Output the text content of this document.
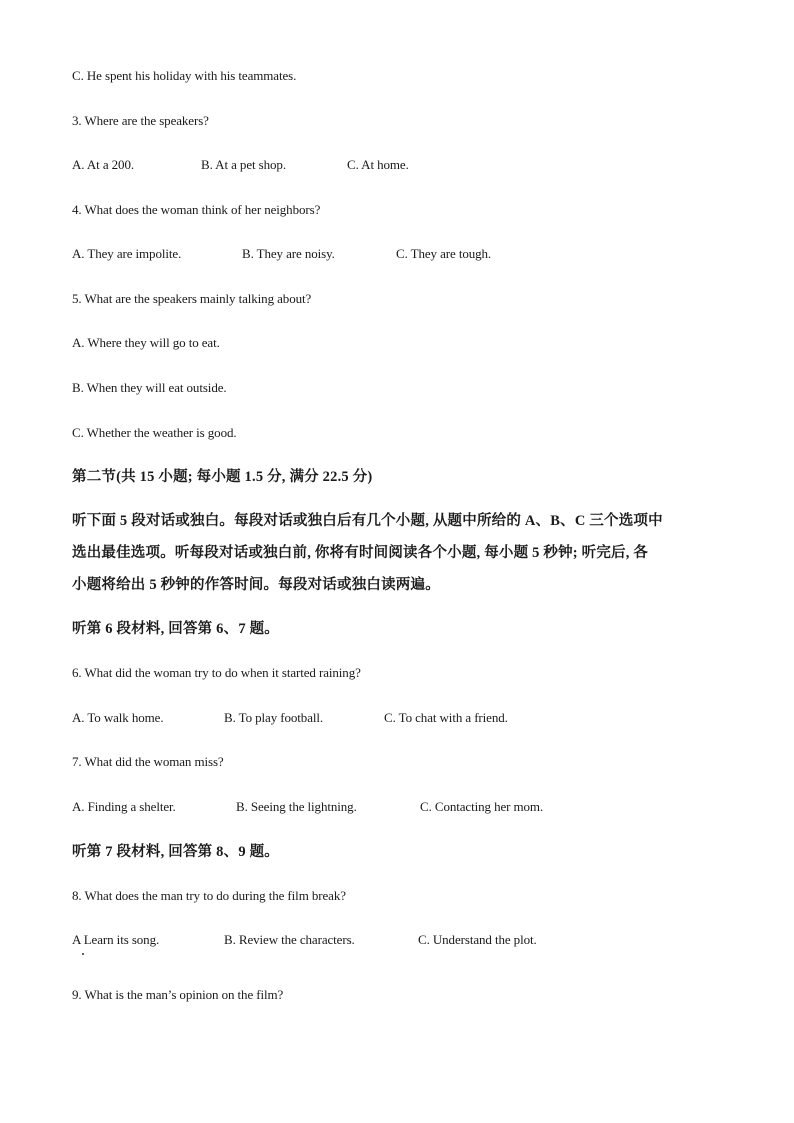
C. He spent his holiday with his teammates.
3. Where are the speakers?
A. At a 200.	B. At a pet shop.	C. At home.
4. What does the woman think of her neighbors?
A. They are impolite.	B. They are noisy.	C. They are tough.
5. What are the speakers mainly talking about?
A. Where they will go to eat.
B. When they will eat outside.
C. Whether the weather is good.
第二节(共 15 小题; 每小题 1.5 分, 满分 22.5 分)
听下面 5 段对话或独白。每段对话或独白后有几个小题, 从题中所给的 A、B、C 三个选项中
选出最佳选项。听每段对话或独白前, 你将有时间阅读各个小题, 每小题 5 秒钟; 听完后, 各
小题将给出 5 秒钟的作答时间。每段对话或独白读两遍。
听第 6 段材料, 回答第 6、7 题。
6. What did the woman try to do when it started raining?
A. To walk home.	B. To play football.	C. To chat with a friend.
7. What did the woman miss?
A. Finding a shelter.	B. Seeing the lightning.	C. Contacting her mom.
听第 7 段材料, 回答第 8、9 题。
8. What does the man try to do during the film break?
A Learn its song.	B. Review the characters.	C. Understand the plot.
9. What is the man’s opinion on the film?
